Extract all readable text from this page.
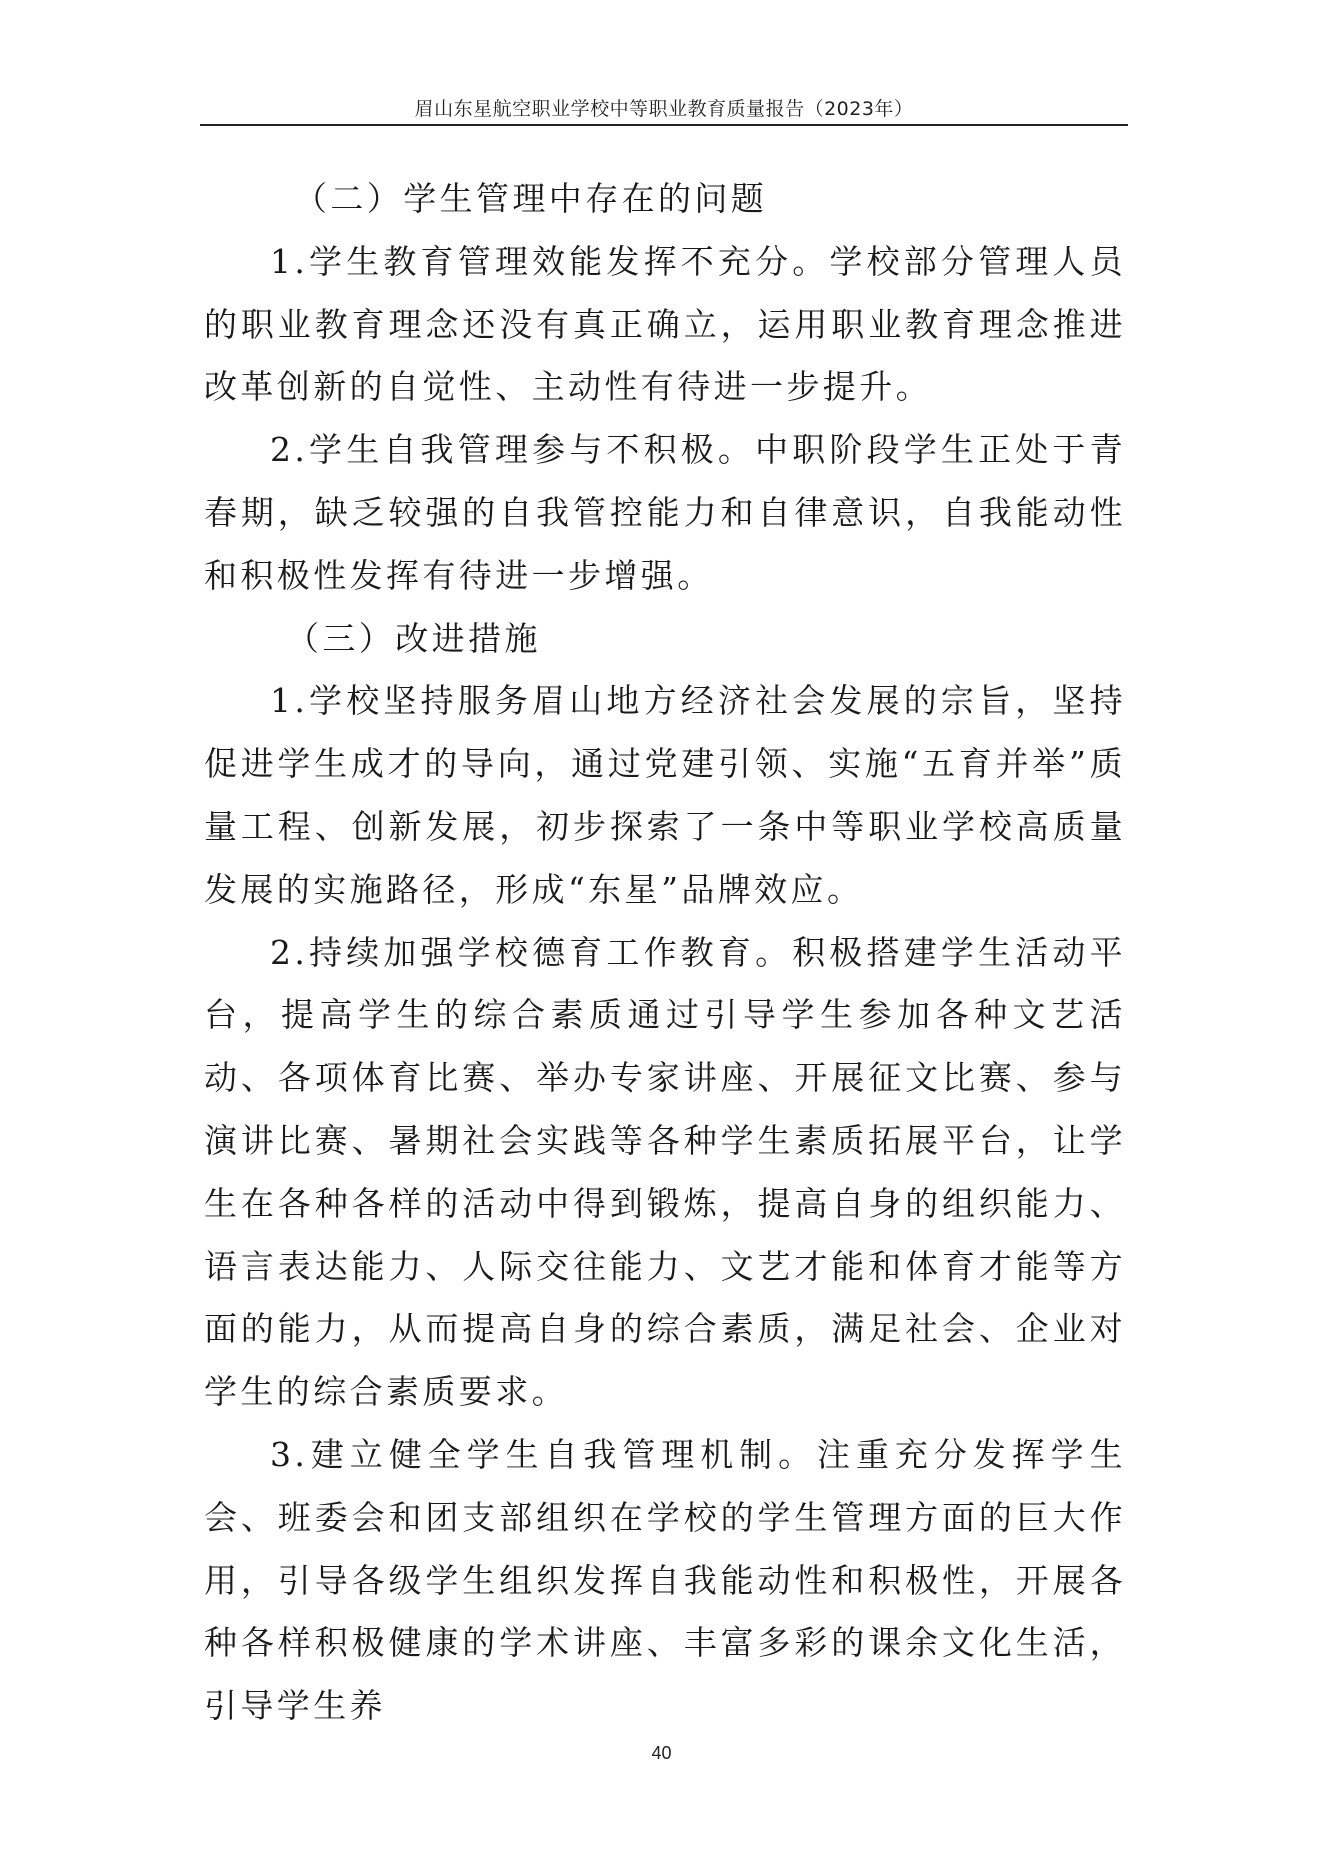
眉山东星航空职业学校中等职业教育质量报告（2023年）

（二）学生管理中存在的问题

1.学生教育管理效能发挥不充分。学校部分管理人员的职业教育理念还没有真正确立，运用职业教育理念推进改革创新的自觉性、主动性有待进一步提升。

2.学生自我管理参与不积极。中职阶段学生正处于青春期，缺乏较强的自我管控能力和自律意识，自我能动性和积极性发挥有待进一步增强。

（三）改进措施

1.学校坚持服务眉山地方经济社会发展的宗旨，坚持促进学生成才的导向，通过党建引领、实施“五育并举”质量工程、创新发展，初步探索了一条中等职业学校高质量发展的实施路径，形成“东星”品牌效应。

2.持续加强学校德育工作教育。积极搭建学生活动平台，提高学生的综合素质通过引导学生参加各种文艺活动、各项体育比赛、举办专家讲座、开展征文比赛、参与演讲比赛、暑期社会实践等各种学生素质拓展平台，让学生在各种各样的活动中得到锻炼，提高自身的组织能力、语言表达能力、人际交往能力、文艺才能和体育才能等方面的能力，从而提高自身的综合素质，满足社会、企业对学生的综合素质要求。

3.建立健全学生自我管理机制。注重充分发挥学生会、班委会和团支部组织在学校的学生管理方面的巨大作用，引导各级学生组织发挥自我能动性和积极性，开展各种各样积极健康的学术讲座、丰富多彩的课余文化生活，引导学生养

40
